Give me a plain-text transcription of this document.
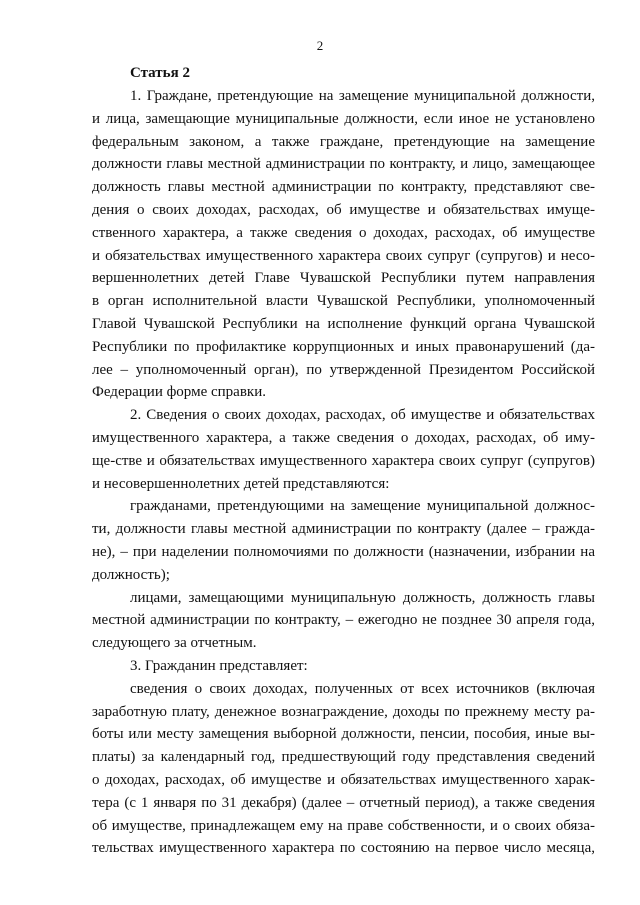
2
Статья 2
1. Граждане, претендующие на замещение муниципальной должности,
и лица, замещающие муниципальные должности, если иное не установлено
федеральным законом, а также граждане, претендующие на замещение
должности главы местной администрации по контракту, и лицо, замещающее
должность главы местной администрации по контракту, представляют све-
дения о своих доходах, расходах, об имуществе и обязательствах имуще-
ственного характера, а также сведения о доходах, расходах, об имуществе
и обязательствах имущественного характера своих супруг (супругов) и несо-
вершеннолетних детей Главе Чувашской Республики путем направления
в орган исполнительной власти Чувашской Республики, уполномоченный
Главой Чувашской Республики на исполнение функций органа Чувашской
Республики по профилактике коррупционных и иных правонарушений (да-
лее – уполномоченный орган), по утвержденной Президентом Российской
Федерации форме справки.
2. Сведения о своих доходах, расходах, об имуществе и обязательствах
имущественного характера, а также сведения о доходах, расходах, об иму-
ще-стве и обязательствах имущественного характера своих супруг (супругов)
и несовершеннолетних детей представляются:
гражданами, претендующими на замещение муниципальной должнос-
ти, должности главы местной администрации по контракту (далее – гражда-
не), – при наделении полномочиями по должности (назначении, избрании на
должность);
лицами, замещающими муниципальную должность, должность главы
местной администрации по контракту, – ежегодно не позднее 30 апреля года,
следующего за отчетным.
3. Гражданин представляет:
сведения о своих доходах, полученных от всех источников (включая
заработную плату, денежное вознаграждение, доходы по прежнему месту ра-
боты или месту замещения выборной должности, пенсии, пособия, иные вы-
платы) за календарный год, предшествующий году представления сведений
о доходах, расходах, об имуществе и обязательствах имущественного харак-
тера (с 1 января по 31 декабря) (далее – отчетный период), а также сведения
об имуществе, принадлежащем ему на праве собственности, и о своих обяза-
тельствах имущественного характера по состоянию на первое число месяца,
